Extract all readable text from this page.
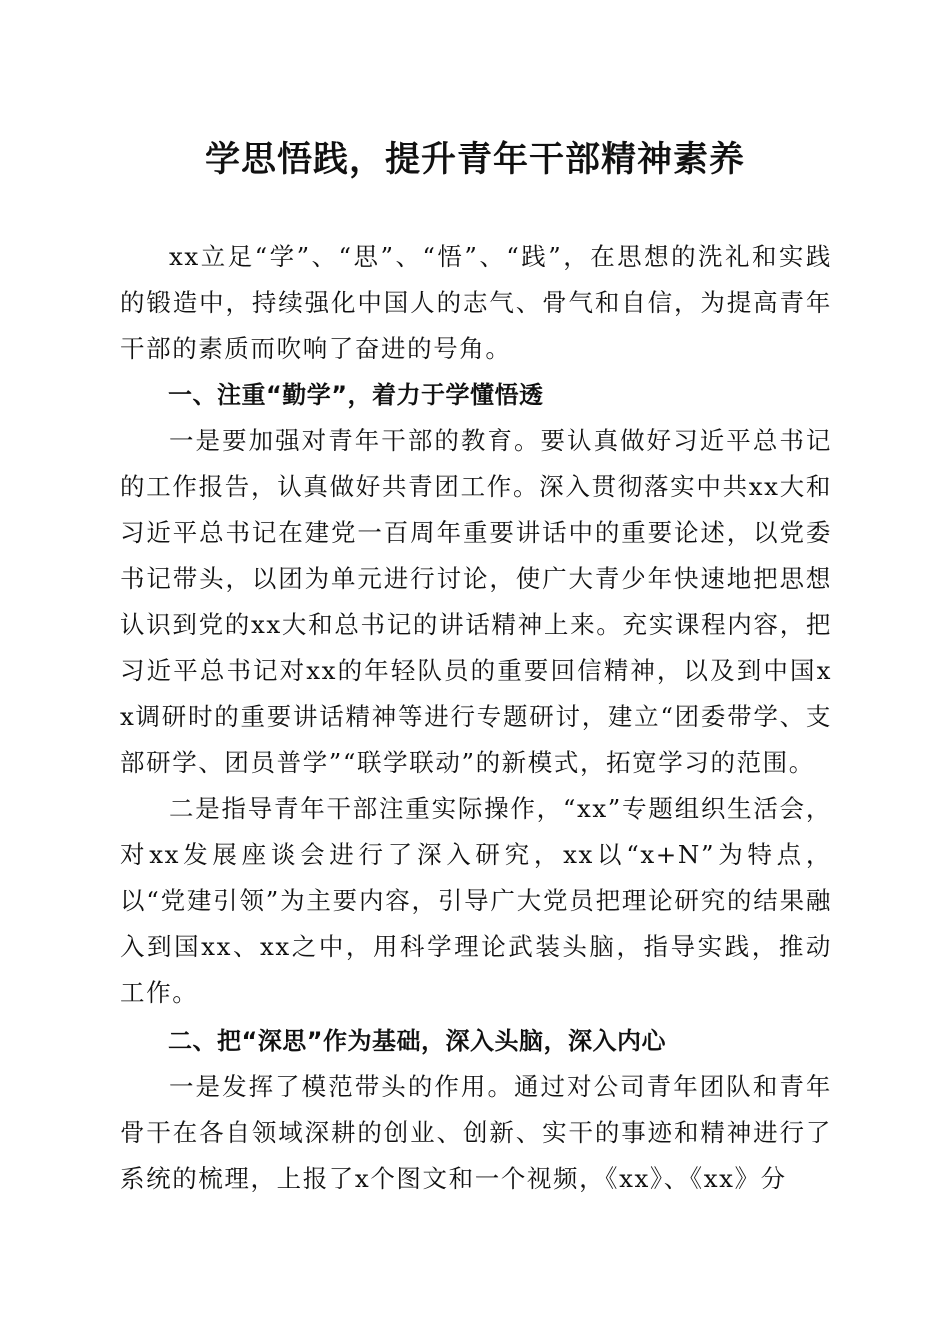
学思悟践，提升青年干部精神素养

xx立足“学”、“思”、“悟”、“践”，在思想的洗礼和实践的锻造中，持续强化中国人的志气、骨气和自信，为提高青年干部的素质而吹响了奋进的号角。

一、注重“勤学”，着力于学懂悟透

一是要加强对青年干部的教育。要认真做好习近平总书记的工作报告，认真做好共青团工作。深入贯彻落实中共xx大和习近平总书记在建党一百周年重要讲话中的重要论述，以党委书记带头，以团为单元进行讨论，使广大青少年快速地把思想认识到党的xx大和总书记的讲话精神上来。充实课程内容，把习近平总书记对xx的年轻队员的重要回信精神，以及到中国xx调研时的重要讲话精神等进行专题研讨，建立“团委带学、支部研学、团员普学”“联学联动”的新模式，拓宽学习的范围。

二是指导青年干部注重实际操作，“xx”专题组织生活会，对xx发展座谈会进行了深入研究，xx以“x+N”为特点，以“党建引领”为主要内容，引导广大党员把理论研究的结果融入到国xx、xx之中，用科学理论武装头脑，指导实践，推动工作。

二、把“深思”作为基础，深入头脑，深入内心

一是发挥了模范带头的作用。通过对公司青年团队和青年骨干在各自领域深耕的创业、创新、实干的事迹和精神进行了系统的梳理，上报了x个图文和一个视频，《xx》、《xx》分
